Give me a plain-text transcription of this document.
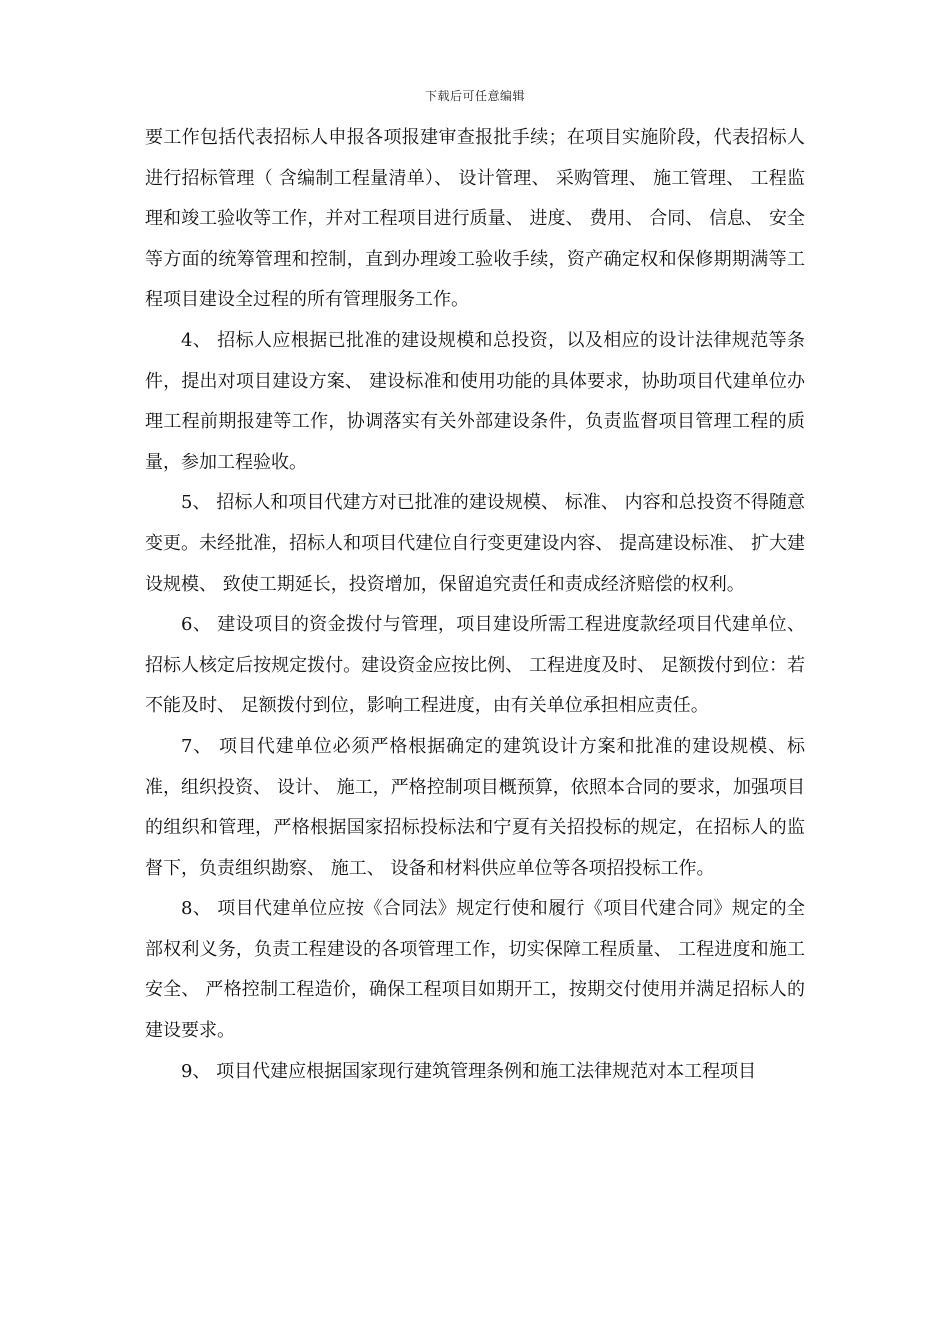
下载后可任意编辑

要工作包括代表招标人申报各项报建审查报批手续；在项目实施阶段，代表招标人进行招标管理（ 含编制工程量清单）、 设计管理、 采购管理、 施工管理、 工程监理和竣工验收等工作，并对工程项目进行质量、 进度、 费用、 合同、 信息、 安全等方面的统筹管理和控制，直到办理竣工验收手续，资产确定权和保修期期满等工程项目建设全过程的所有管理服务工作。

4、 招标人应根据已批准的建设规模和总投资，以及相应的设计法律规范等条件，提出对项目建设方案、 建设标准和使用功能的具体要求，协助项目代建单位办理工程前期报建等工作，协调落实有关外部建设条件，负责监督项目管理工程的质量，参加工程验收。

5、 招标人和项目代建方对已批准的建设规模、 标准、 内容和总投资不得随意变更。未经批准，招标人和项目代建位自行变更建设内容、 提高建设标准、 扩大建设规模、 致使工期延长，投资增加，保留追究责任和责成经济赔偿的权利。

6、 建设项目的资金拨付与管理，项目建设所需工程进度款经项目代建单位、 招标人核定后按规定拨付。建设资金应按比例、 工程进度及时、 足额拨付到位：若不能及时、 足额拨付到位，影响工程进度，由有关单位承担相应责任。

7、 项目代建单位必须严格根据确定的建筑设计方案和批准的建设规模、标准，组织投资、 设计、 施工，严格控制项目概预算，依照本合同的要求，加强项目的组织和管理，严格根据国家招标投标法和宁夏有关招投标的规定，在招标人的监督下，负责组织勘察、 施工、 设备和材料供应单位等各项招投标工作。

8、 项目代建单位应按《合同法》规定行使和履行《项目代建合同》规定的全部权利义务，负责工程建设的各项管理工作，切实保障工程质量、 工程进度和施工安全、 严格控制工程造价，确保工程项目如期开工，按期交付使用并满足招标人的建设要求。

9、 项目代建应根据国家现行建筑管理条例和施工法律规范对本工程项目
